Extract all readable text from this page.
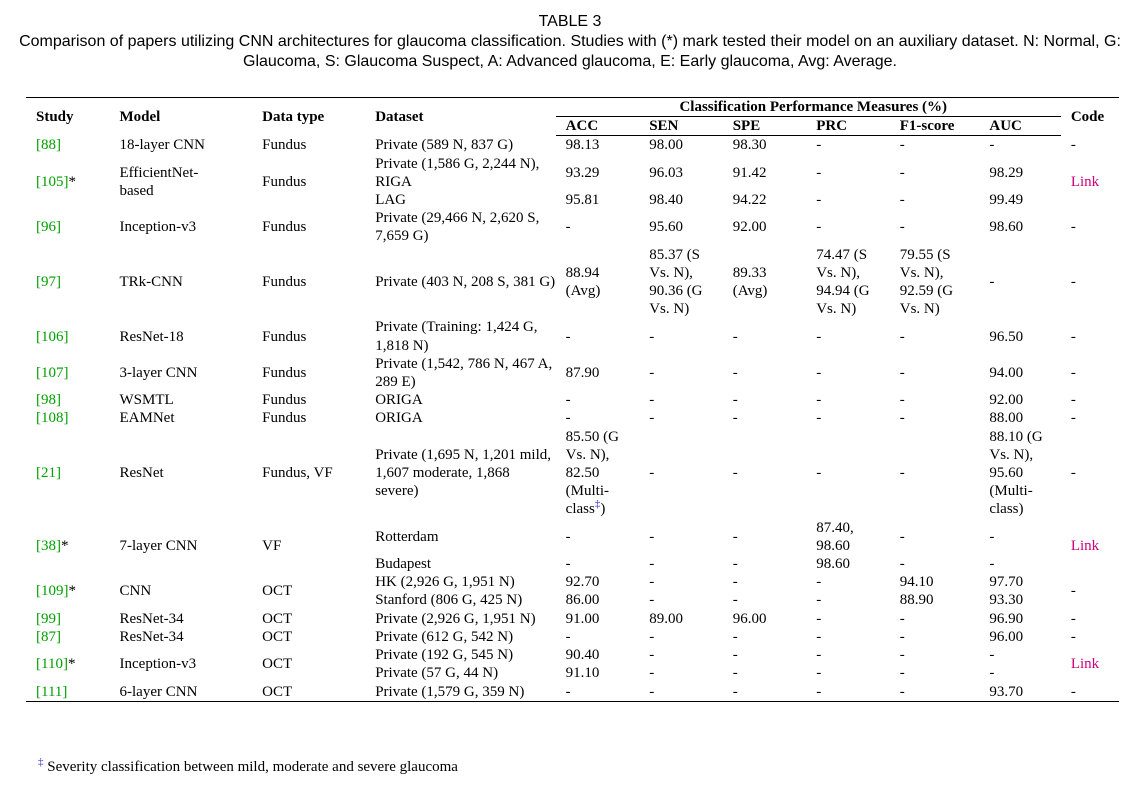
TABLE 3
Comparison of papers utilizing CNN architectures for glaucoma classification. Studies with (*) mark tested their model on an auxiliary dataset. N: Normal, G: Glaucoma, S: Glaucoma Suspect, A: Advanced glaucoma, E: Early glaucoma, Avg: Average.
Study	Model	Data type	Dataset	Classification Performance Measures (%)						Code
				ACC	SEN	SPE	PRC	F1-score	AUC	
[88]	18-layer CNN	Fundus	Private (589 N, 837 G)	98.13	98.00	98.30	-	-	-	-
[105]*	EfficientNet-based	Fundus	Private (1,586 G, 2,244 N), RIGA	93.29	96.03	91.42	-	-	98.29	Link
			LAG	95.81	98.40	94.22	-	-	99.49	
[96]	Inception-v3	Fundus	Private (29,466 N, 2,620 S, 7,659 G)	-	95.60	92.00	-	-	98.60	-
[97]	TRk-CNN	Fundus	Private (403 N, 208 S, 381 G)	88.94 (Avg)	85.37 (S Vs. N), 90.36 (G Vs. N)	89.33 (Avg)	74.47 (S Vs. N), 94.94 (G Vs. N)	79.55 (S Vs. N), 92.59 (G Vs. N)	-	-
[106]	ResNet-18	Fundus	Private (Training: 1,424 G, 1,818 N)	-	-	-	-	-	96.50	-
[107]	3-layer CNN	Fundus	Private (1,542, 786 N, 467 A, 289 E)	87.90	-	-	-	-	94.00	-
[98]	WSMTL	Fundus	ORIGA	-	-	-	-	-	92.00	-
[108]	EAMNet	Fundus	ORIGA	-	-	-	-	-	88.00	-
[21]	ResNet	Fundus, VF	Private (1,695 N, 1,201 mild, 1,607 moderate, 1,868 severe)	85.50 (G Vs. N), 82.50 (Multi-class‡)	-	-	-	-	88.10 (G Vs. N), 95.60 (Multi-class)	-
[38]*	7-layer CNN	VF	Rotterdam	-	-	-	87.40, 98.60	-	-	Link
			Budapest	-	-	-	98.60	-	-	
[109]*	CNN	OCT	HK (2,926 G, 1,951 N)	92.70	-	-	-	94.10	97.70	-
			Stanford (806 G, 425 N)	86.00	-	-	-	88.90	93.30	
[99]	ResNet-34	OCT	Private (2,926 G, 1,951 N)	91.00	89.00	96.00	-	-	96.90	-
[87]	ResNet-34	OCT	Private (612 G, 542 N)	-	-	-	-	-	96.00	-
[110]*	Inception-v3	OCT	Private (192 G, 545 N)	90.40	-	-	-	-	-	Link
			Private (57 G, 44 N)	91.10	-	-	-	-	-	
[111]	6-layer CNN	OCT	Private (1,579 G, 359 N)	-	-	-	-	-	93.70	-
‡ Severity classification between mild, moderate and severe glaucoma
